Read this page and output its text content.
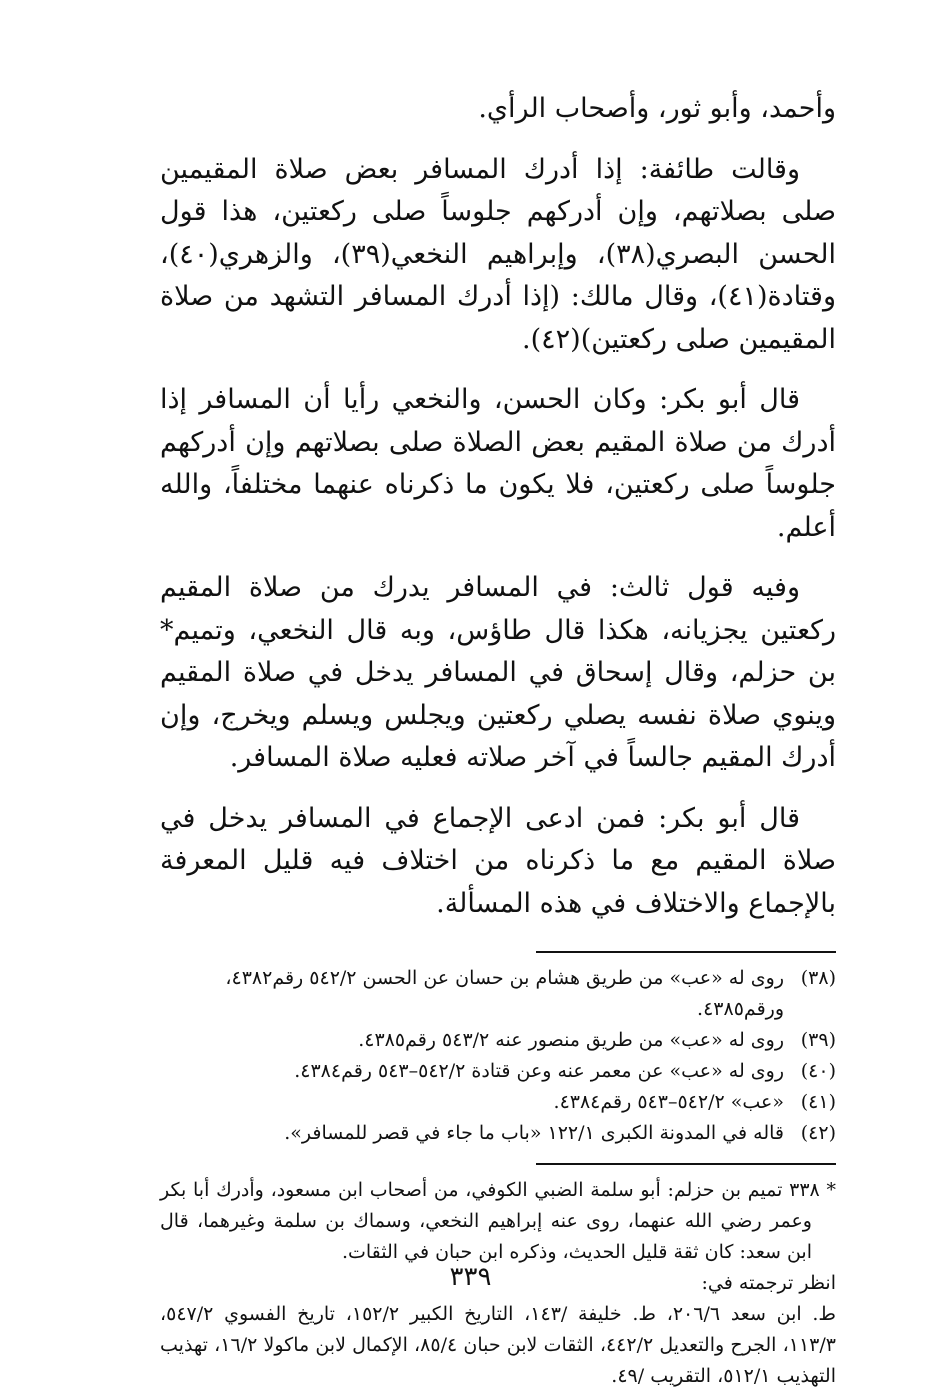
وأحمد، وأبو ثور، وأصحاب الرأي.

وقالت طائفة: إذا أدرك المسافر بعض صلاة المقيمين صلى بصلاتهم، وإن أدركهم جلوساً صلى ركعتين، هذا قول الحسن البصري(٣٨)، وإبراهيم النخعي(٣٩)، والزهري(٤٠)، وقتادة(٤١)، وقال مالك: (إذا أدرك المسافر التشهد من صلاة المقيمين صلى ركعتين)(٤٢).

قال أبو بكر: وكان الحسن، والنخعي رأيا أن المسافر إذا أدرك من صلاة المقيم بعض الصلاة صلى بصلاتهم وإن أدركهم جلوساً صلى ركعتين، فلا يكون ما ذكرناه عنهما مختلفاً، والله أعلم.

وفيه قول ثالث: في المسافر يدرك من صلاة المقيم ركعتين يجزيانه، هكذا قال طاؤس، وبه قال النخعي، وتميم* بن حزلم، وقال إسحاق في المسافر يدخل في صلاة المقيم وينوي صلاة نفسه يصلي ركعتين ويجلس ويسلم ويخرج، وإن أدرك المقيم جالساً في آخر صلاته فعليه صلاة المسافر.

قال أبو بكر: فمن ادعى الإجماع في المسافر يدخل في صلاة المقيم مع ما ذكرناه من اختلاف فيه قليل المعرفة بالإجماع والاختلاف في هذه المسألة.

(٣٨)
روى له «عب» من طريق هشام بن حسان عن الحسن ٥٤٢/٢ رقم٤٣٨٢، ورقم٤٣٨٥.
(٣٩)
روى له «عب» من طريق منصور عنه ٥٤٣/٢ رقم٤٣٨٥.
(٤٠)
روى له «عب» عن معمر عنه وعن قتادة ٥٤٢/٢–٥٤٣ رقم٤٣٨٤.
(٤١)
«عب» ٥٤٢/٢–٥٤٣ رقم٤٣٨٤.
(٤٢)
قاله في المدونة الكبرى ١٢٢/١ «باب ما جاء في قصر للمسافر».

* ٣٣٨ تميم بن حزلم: أبو سلمة الضبي الكوفي، من أصحاب ابن مسعود، وأدرك أبا بكر وعمر رضي الله عنهما، روى عنه إبراهيم النخعي، وسماك بن سلمة وغيرهما، قال ابن سعد: كان ثقة قليل الحديث، وذكره ابن حبان في الثقات.

انظر ترجمته في:

ط. ابن سعد ٢٠٦/٦، ط. خليفة /١٤٣، التاريخ الكبير ١٥٢/٢، تاريخ الفسوي ٥٤٧/٢، ١١٣/٣، الجرح والتعديل ٤٤٢/٢، الثقات لابن حبان ٨٥/٤، الإكمال لابن ماكولا ١٦/٢، تهذيب التهذيب ٥١٢/١، التقريب /٤٩.

٣٣٩
